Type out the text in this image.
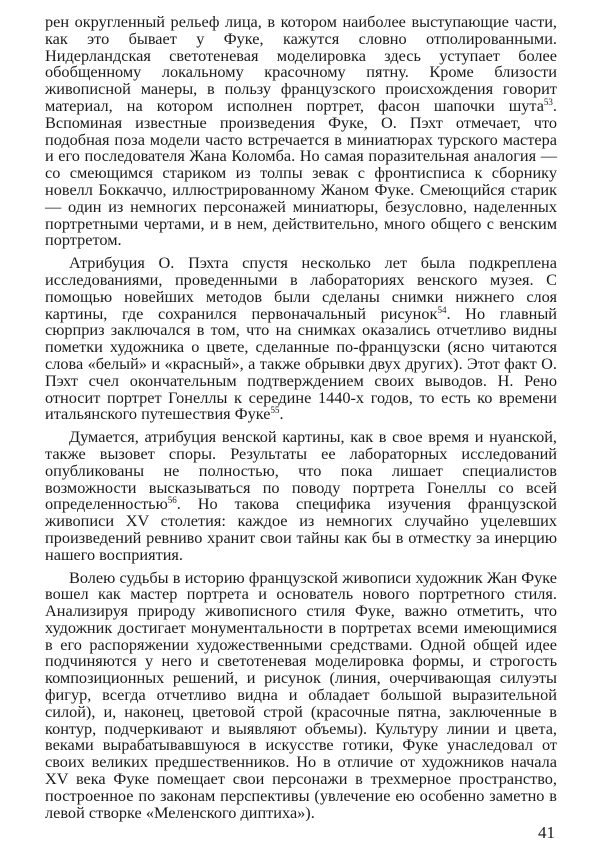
рен округленный рельеф лица, в котором наиболее выступающие части, как это бывает у Фуке, кажутся словно отполированными. Нидерландская светотеневая моделировка здесь уступает более обобщенному локальному красочному пятну. Кроме близости живописной манеры, в пользу французского происхождения говорит материал, на котором исполнен портрет, фасон шапочки шута$^{53}$. Вспоминая известные произведения Фуке, О. Пэхт отмечает, что подобная поза модели часто встречается в миниатюрах турского мастера и его последователя Жана Коломба. Но самая поразительная аналогия — со смеющимся стариком из толпы зевак с фронтисписа к сборнику новелл Боккаччо, иллюстрированному Жаном Фуке. Смеющийся старик — один из немногих персонажей миниатюры, безусловно, наделенных портретными чертами, и в нем, действительно, много общего с венским портретом.

Атрибуция О. Пэхта спустя несколько лет была подкреплена исследованиями, проведенными в лабораториях венского музея. С помощью новейших методов были сделаны снимки нижнего слоя картины, где сохранился первоначальный рисунок$^{54}$. Но главный сюрприз заключался в том, что на снимках оказались отчетливо видны пометки художника о цвете, сделанные по-французски (ясно читаются слова «белый» и «красный», а также обрывки двух других). Этот факт О. Пэхт счел окончательным подтверждением своих выводов. Н. Рено относит портрет Гонеллы к середине 1440-х годов, то есть ко времени итальянского путешествия Фуке$^{55}$.

Думается, атрибуция венской картины, как в свое время и нуанской, также вызовет споры. Результаты ее лабораторных исследований опубликованы не полностью, что пока лишает специалистов возможности высказываться по поводу портрета Гонеллы со всей определенностью$^{56}$. Но такова специфика изучения французской живописи XV столетия: каждое из немногих случайно уцелевших произведений ревниво хранит свои тайны как бы в отместку за инерцию нашего восприятия.

Волею судьбы в историю французской живописи художник Жан Фуке вошел как мастер портрета и основатель нового портретного стиля. Анализируя природу живописного стиля Фуке, важно отметить, что художник достигает монументальности в портретах всеми имеющимися в его распоряжении художественными средствами. Одной общей идее подчиняются у него и светотеневая моделировка формы, и строгость композиционных решений, и рисунок (линия, очерчивающая силуэты фигур, всегда отчетливо видна и обладает большой выразительной силой), и, наконец, цветовой строй (красочные пятна, заключенные в контур, подчеркивают и выявляют объемы). Культуру линии и цвета, веками вырабатывавшуюся в искусстве готики, Фуке унаследовал от своих великих предшественников. Но в отличие от художников начала XV века Фуке помещает свои персонажи в трехмерное пространство, построенное по законам перспективы (увлечение ею особенно заметно в левой створке «Меленского диптиха»).

41
